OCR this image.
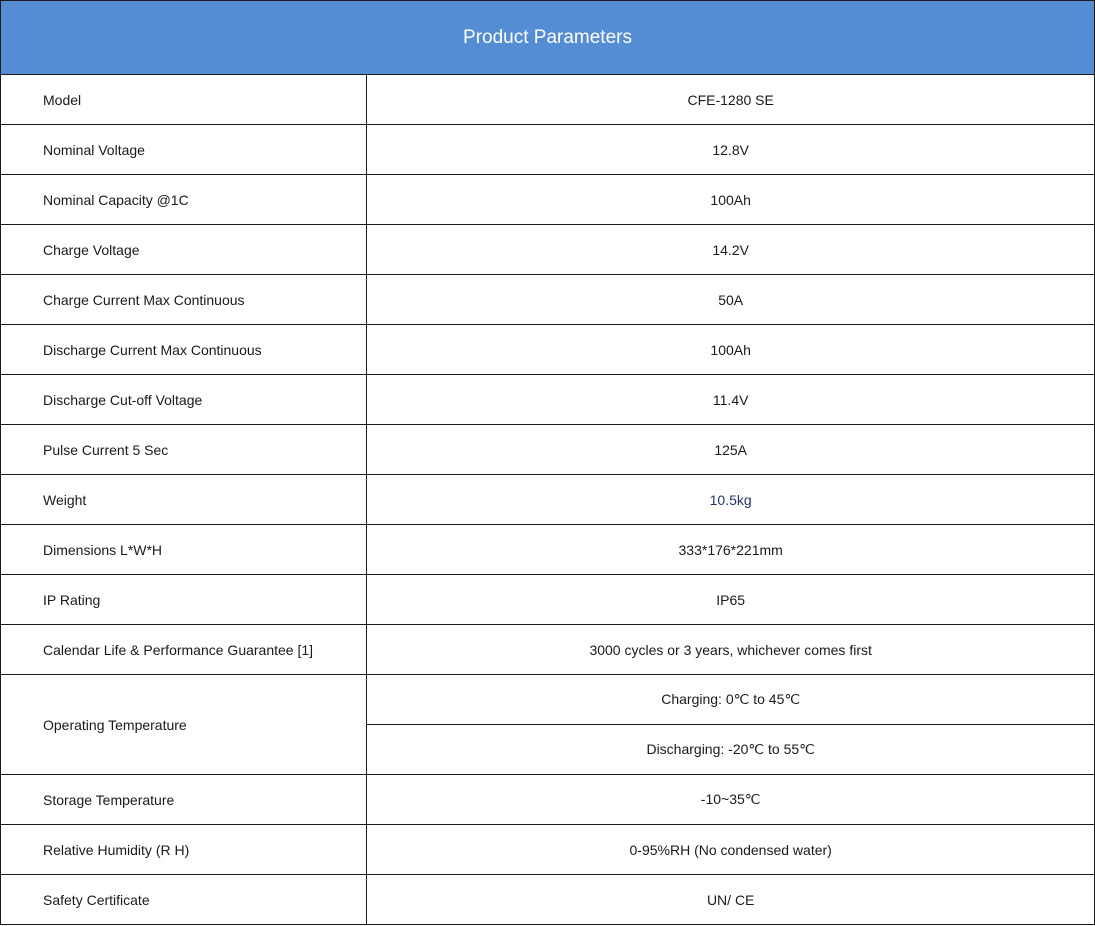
Product Parameters	
Model	CFE-1280 SE
Nominal Voltage	12.8V
Nominal Capacity @1C	100Ah
Charge Voltage	14.2V
Charge Current Max Continuous	50A
Discharge Current Max Continuous	100Ah
Discharge Cut-off Voltage	11.4V
Pulse Current 5 Sec	125A
Weight	10.5kg
Dimensions L*W*H	333*176*221mm
IP Rating	IP65
Calendar Life & Performance Guarantee [1]	3000 cycles or 3 years, whichever comes first
Operating Temperature	Charging: 0℃ to 45℃
	Discharging: -20℃ to 55℃
Storage Temperature	-10~35℃
Relative Humidity (R H)	0-95%RH (No condensed water)
Safety Certificate	UN/ CE
